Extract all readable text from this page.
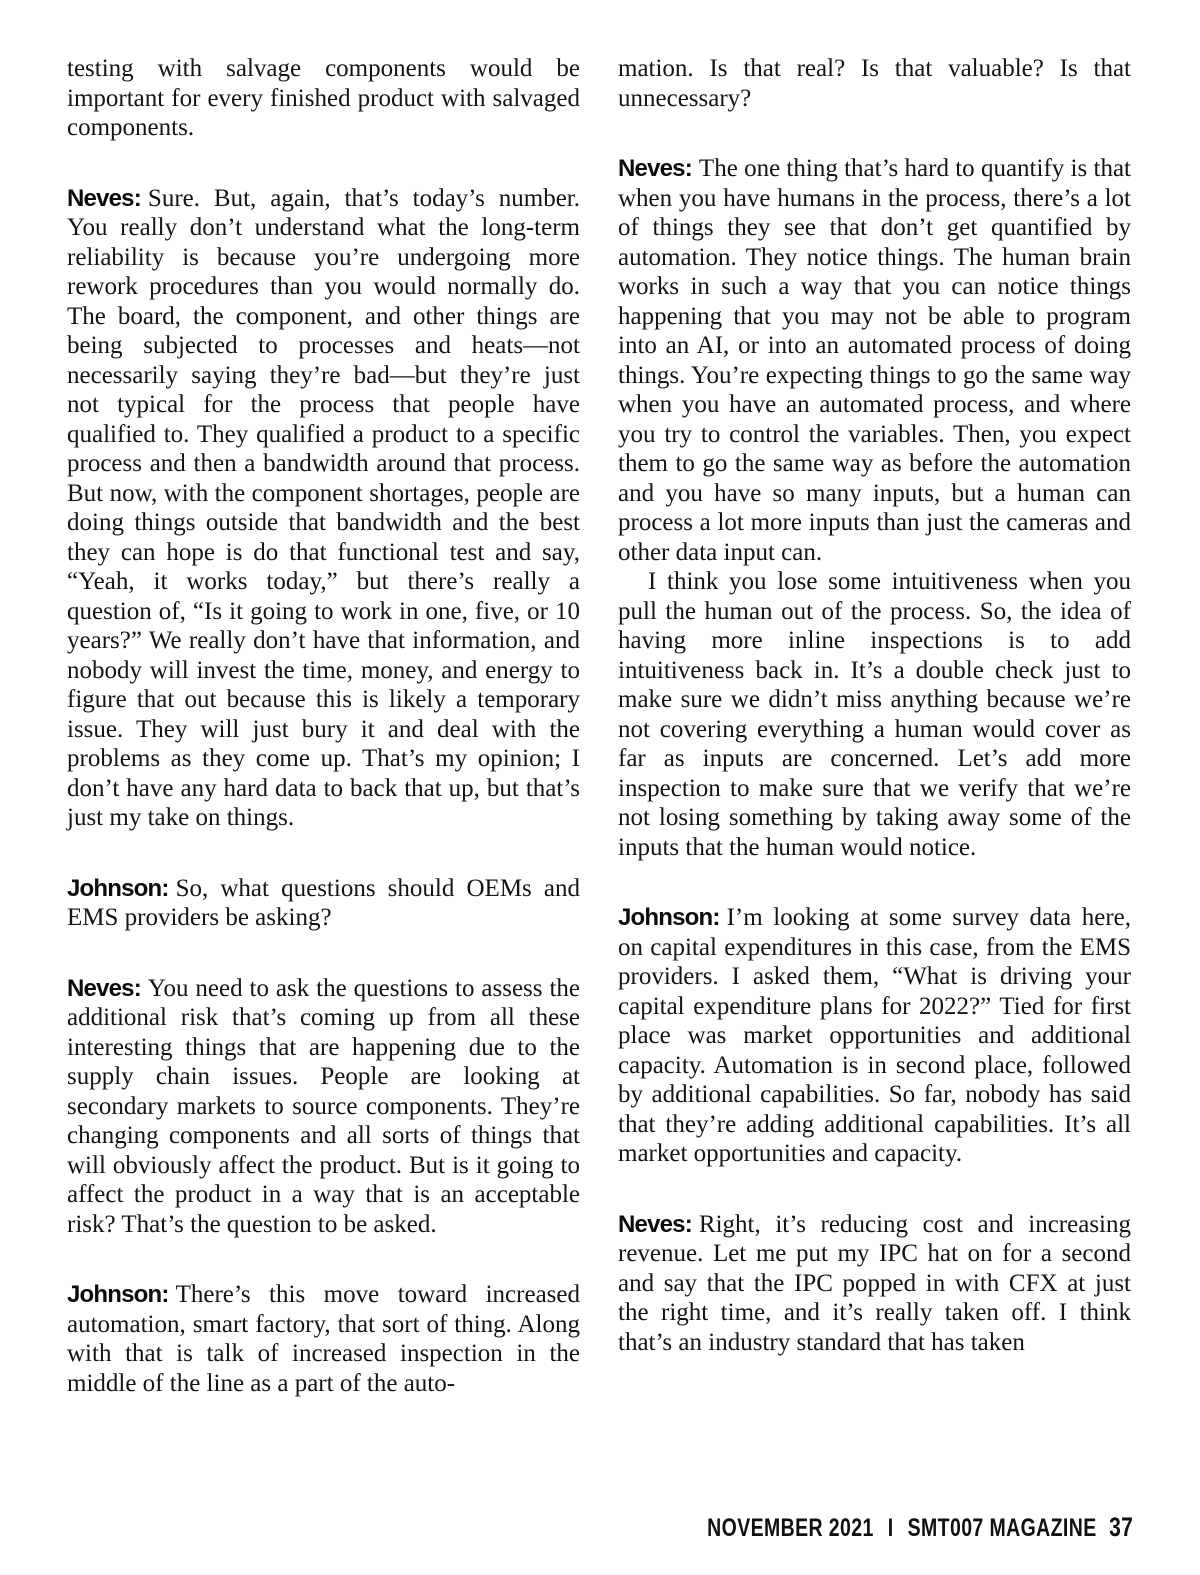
testing with salvage components would be important for every finished product with salvaged components.

Neves: Sure. But, again, that’s today’s number. You really don’t understand what the long-term reliability is because you’re undergoing more rework procedures than you would normally do. The board, the component, and other things are being subjected to processes and heats—not necessarily saying they’re bad—but they’re just not typical for the process that people have qualified to. They qualified a product to a specific process and then a bandwidth around that process. But now, with the component shortages, people are doing things outside that bandwidth and the best they can hope is do that functional test and say, “Yeah, it works today,” but there’s really a question of, “Is it going to work in one, five, or 10 years?” We really don’t have that information, and nobody will invest the time, money, and energy to figure that out because this is likely a temporary issue. They will just bury it and deal with the problems as they come up. That’s my opinion; I don’t have any hard data to back that up, but that’s just my take on things.

Johnson: So, what questions should OEMs and EMS providers be asking?

Neves: You need to ask the questions to assess the additional risk that’s coming up from all these interesting things that are happening due to the supply chain issues. People are looking at secondary markets to source components. They’re changing components and all sorts of things that will obviously affect the product. But is it going to affect the product in a way that is an acceptable risk? That’s the question to be asked.

Johnson: There’s this move toward increased automation, smart factory, that sort of thing. Along with that is talk of increased inspection in the middle of the line as a part of the auto-

mation. Is that real? Is that valuable? Is that unnecessary?

Neves: The one thing that’s hard to quantify is that when you have humans in the process, there’s a lot of things they see that don’t get quantified by automation. They notice things. The human brain works in such a way that you can notice things happening that you may not be able to program into an AI, or into an automated process of doing things. You’re expecting things to go the same way when you have an automated process, and where you try to control the variables. Then, you expect them to go the same way as before the automation and you have so many inputs, but a human can process a lot more inputs than just the cameras and other data input can.

I think you lose some intuitiveness when you pull the human out of the process. So, the idea of having more inline inspections is to add intuitiveness back in. It’s a double check just to make sure we didn’t miss anything because we’re not covering everything a human would cover as far as inputs are concerned. Let’s add more inspection to make sure that we verify that we’re not losing something by taking away some of the inputs that the human would notice.

Johnson: I’m looking at some survey data here, on capital expenditures in this case, from the EMS providers. I asked them, “What is driving your capital expenditure plans for 2022?” Tied for first place was market opportunities and additional capacity. Automation is in second place, followed by additional capabilities. So far, nobody has said that they’re adding additional capabilities. It’s all market opportunities and capacity.

Neves: Right, it’s reducing cost and increasing revenue. Let me put my IPC hat on for a second and say that the IPC popped in with CFX at just the right time, and it’s really taken off. I think that’s an industry standard that has taken

NOVEMBER 2021 I SMT007 MAGAZINE 37
